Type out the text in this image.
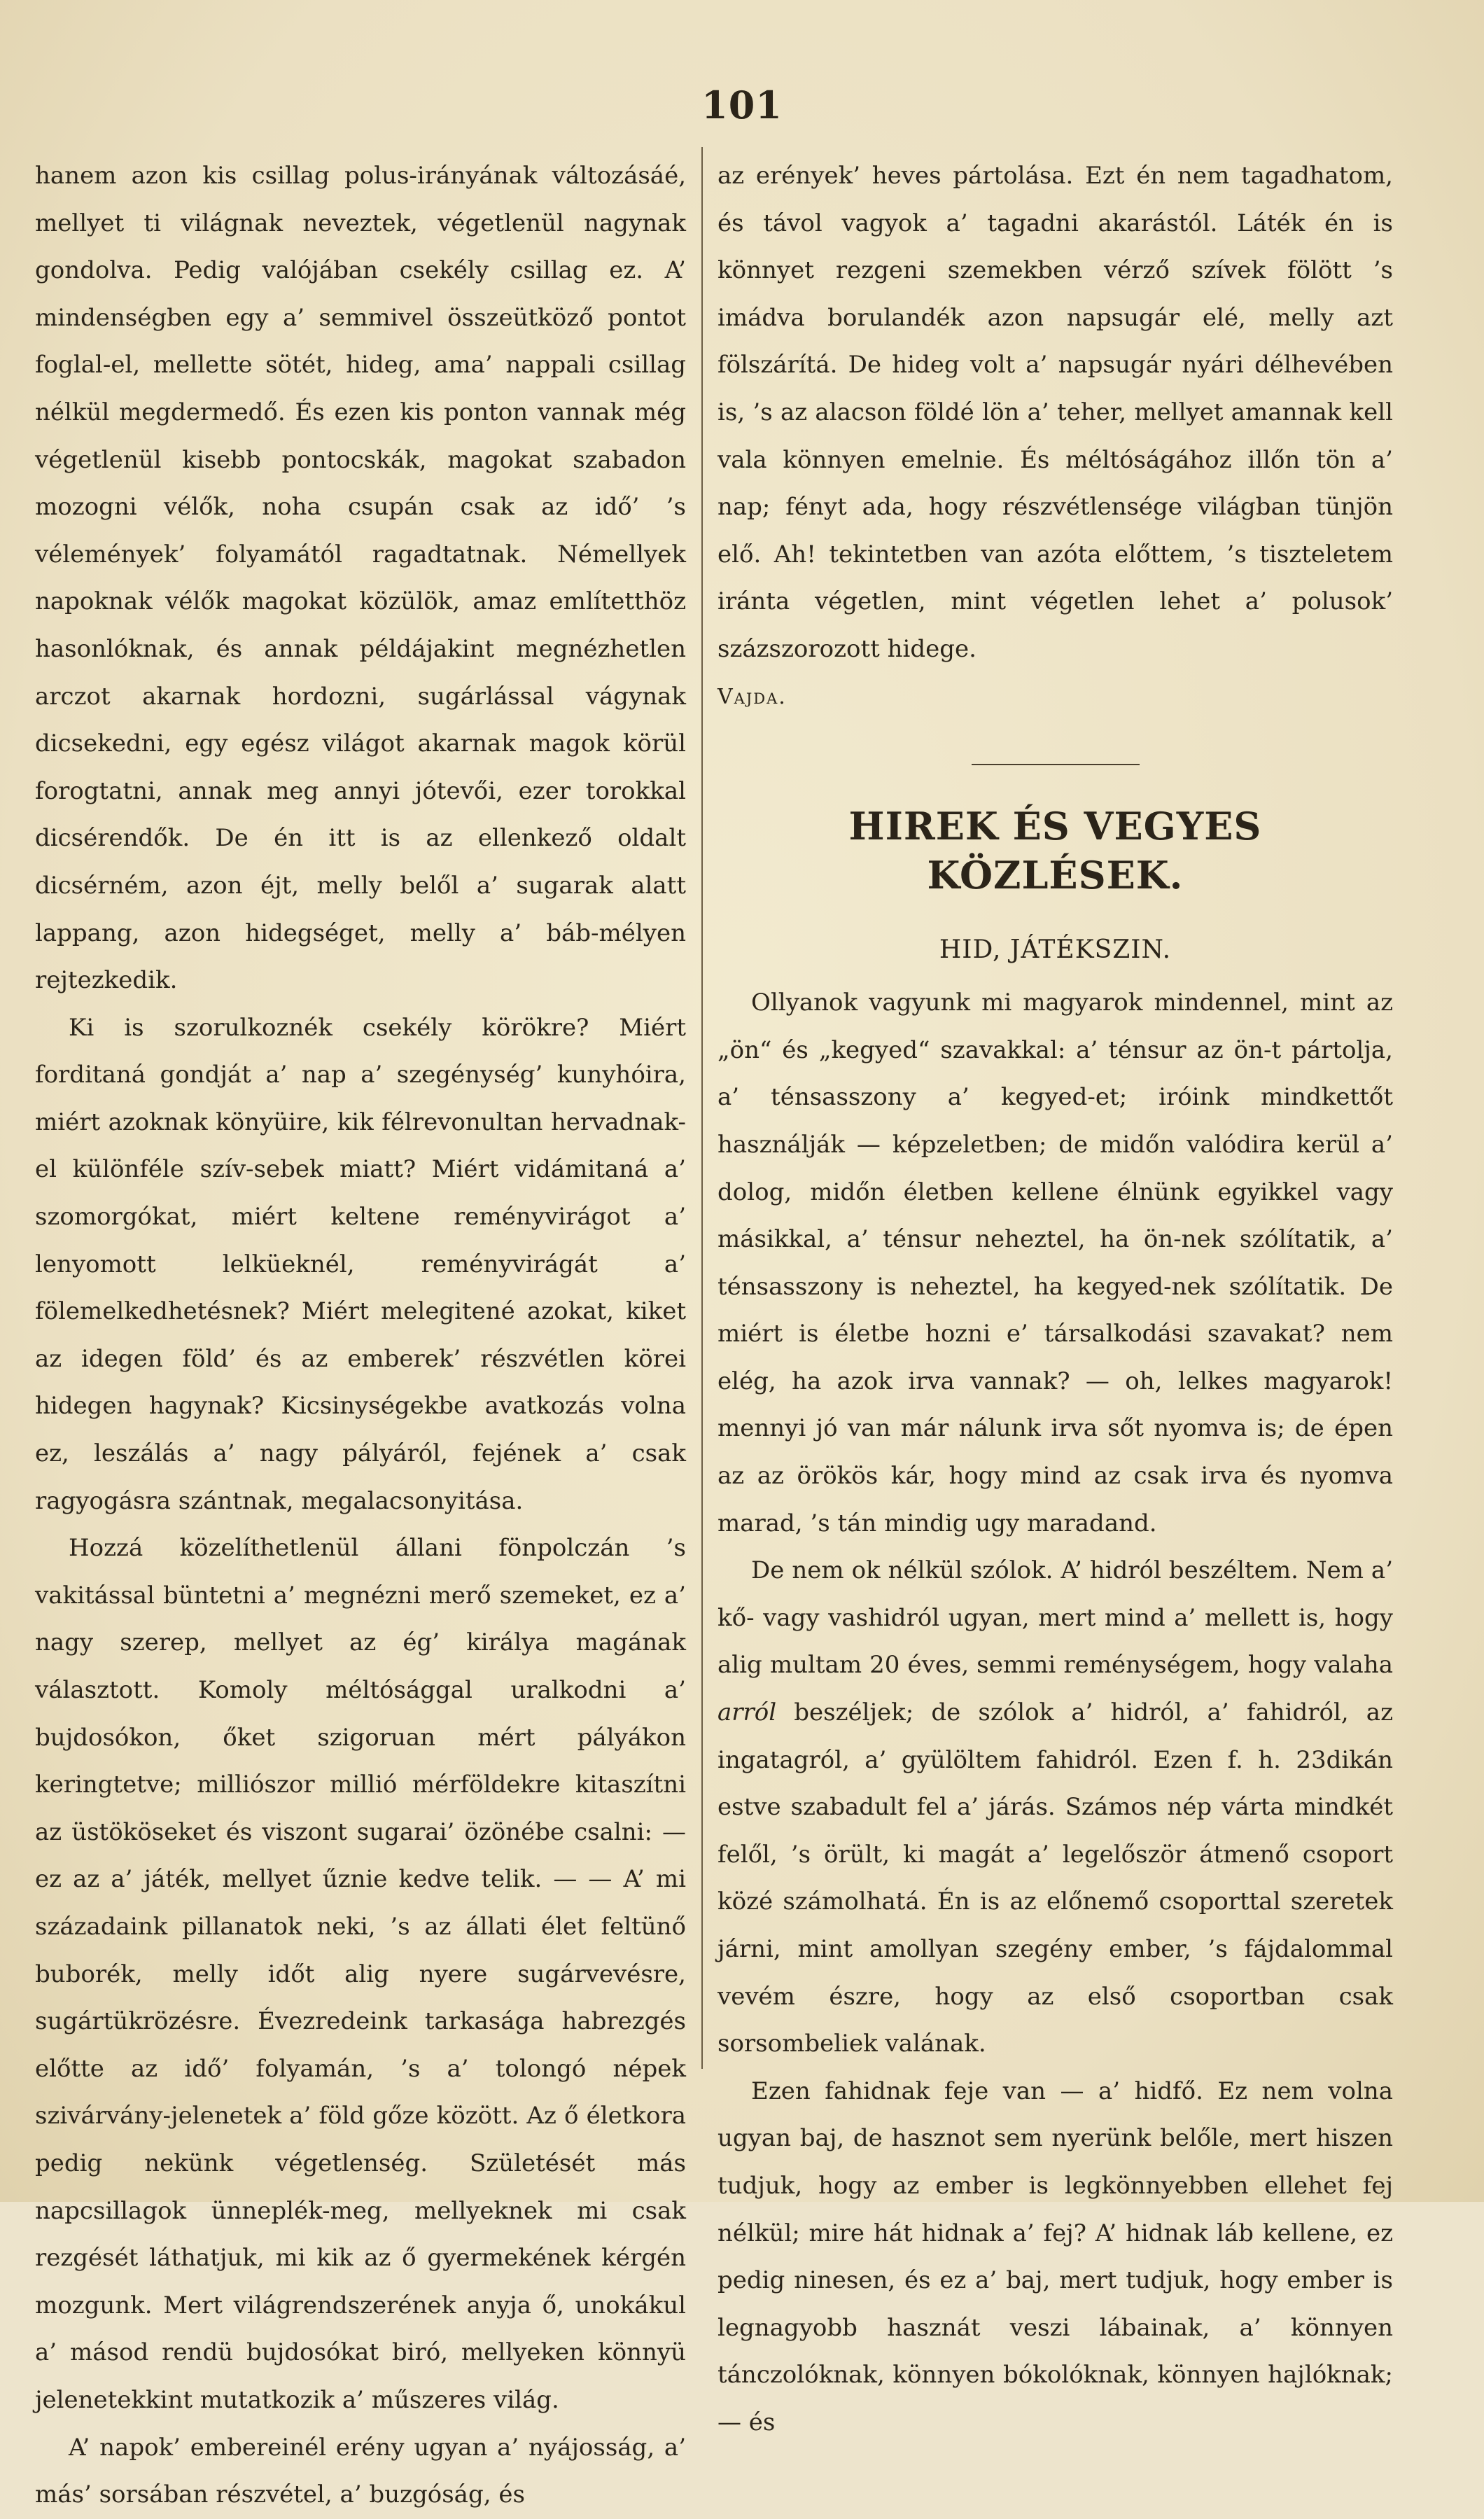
101

hanem azon kis csillag polus-irányának változásáé, mellyet ti világnak neveztek, végetlenül nagynak gondolva. Pedig valójában csekély csillag ez. A’ mindenségben egy a’ semmivel összeütköző pontot foglal-el, mellette sötét, hideg, ama’ nappali csillag nélkül megdermedő. És ezen kis ponton vannak még végetlenül kisebb pontocskák, magokat szabadon mozogni vélők, noha csupán csak az idő’ ’s vélemények’ folyamától ragadtatnak. Némellyek napoknak vélők magokat közülök, amaz említetthöz hasonlóknak, és annak példájakint megnézhetlen arczot akarnak hordozni, sugárlással vágynak dicsekedni, egy egész világot akarnak magok körül forogtatni, annak meg annyi jótevői, ezer torokkal dicsérendők. De én itt is az ellenkező oldalt dicsérném, azon éjt, melly belől a’ sugarak alatt lappang, azon hidegséget, melly a’ báb-mélyen rejtezkedik.

Ki is szorulkoznék csekély körökre? Miért forditaná gondját a’ nap a’ szegénység’ kunyhóira, miért azoknak könyüire, kik félrevonultan hervadnak-el különféle szív-sebek miatt? Miért vidámitaná a’ szomorgókat, miért keltene reményvirágot a’ lenyomott lelküeknél, reményvirágát a’ fölemelkedhetésnek? Miért melegitené azokat, kiket az idegen föld’ és az emberek’ részvétlen körei hidegen hagynak? Kicsinységekbe avatkozás volna ez, leszálás a’ nagy pályáról, fejének a’ csak ragyogásra szántnak, megalacsonyitása.

Hozzá közelíthetlenül állani fönpolczán ’s vakitással büntetni a’ megnézni merő szemeket, ez a’ nagy szerep, mellyet az ég’ királya magának választott. Komoly méltósággal uralkodni a’ bujdosókon, őket szigoruan mért pályákon keringtetve; milliószor millió mérföldekre kitaszítni az üstököseket és viszont sugarai’ özönébe csalni: — ez az a’ játék, mellyet űznie kedve telik. — — A’ mi századaink pillanatok neki, ’s az állati élet feltünő buborék, melly időt alig nyere sugárvevésre, sugártükrözésre. Évezredeink tarkasága habrezgés előtte az idő’ folyamán, ’s a’ tolongó népek szivárvány-jelenetek a’ föld gőze között. Az ő életkora pedig nekünk végetlenség. Születését más napcsillagok ünneplék-meg, mellyeknek mi csak rezgését láthatjuk, mi kik az ő gyermekének kérgén mozgunk. Mert világrendszerének anyja ő, unokákul a’ másod rendü bujdosókat biró, mellyeken könnyü jelenetekkint mutatkozik a’ műszeres világ.

A’ napok’ embereinél erény ugyan a’ nyájosság, a’ más’ sorsában részvétel, a’ buzgóság, és

az erények’ heves pártolása. Ezt én nem tagadhatom, és távol vagyok a’ tagadni akarástól. Láték én is könnyet rezgeni szemekben vérző szívek fölött ’s imádva borulandék azon napsugár elé, melly azt fölszárítá. De hideg volt a’ napsugár nyári délhevében is, ’s az alacson földé lön a’ teher, mellyet amannak kell vala könnyen emelnie. És méltóságához illőn tön a’ nap; fényt ada, hogy részvétlensége világban tünjön elő. Ah! tekintetben van azóta előttem, ’s tiszteletem iránta végetlen, mint végetlen lehet a’ polusok’ százszorozott hidege.

Vajda.

HIREK ÉS VEGYES KÖZLÉSEK.
HID, JÁTÉKSZIN.

Ollyanok vagyunk mi magyarok mindennel, mint az „ön“ és „kegyed“ szavakkal: a’ ténsur az ön-t pártolja, a’ ténsasszony a’ kegyed-et; iróink mindkettőt használják — képzeletben; de midőn valódira kerül a’ dolog, midőn életben kellene élnünk egyikkel vagy másikkal, a’ ténsur neheztel, ha ön-nek szólítatik, a’ ténsasszony is neheztel, ha kegyed-nek szólítatik. De miért is életbe hozni e’ társalkodási szavakat? nem elég, ha azok irva vannak? — oh, lelkes magyarok! mennyi jó van már nálunk irva sőt nyomva is; de épen az az örökös kár, hogy mind az csak irva és nyomva marad, ’s tán mindig ugy maradand.

De nem ok nélkül szólok. A’ hidról beszéltem. Nem a’ kő- vagy vashidról ugyan, mert mind a’ mellett is, hogy alig multam 20 éves, semmi reménységem, hogy valaha arról beszéljek; de szólok a’ hidról, a’ fahidról, az ingatagról, a’ gyülöltem fahidról. Ezen f. h. 23dikán estve szabadult fel a’ járás. Számos nép várta mindkét felől, ’s örült, ki magát a’ legelőször átmenő csoport közé számolhatá. Én is az előnemő csoporttal szeretek járni, mint amollyan szegény ember, ’s fájdalommal vevém észre, hogy az első csoportban csak sorsombeliek valának.

Ezen fahidnak feje van — a’ hidfő. Ez nem volna ugyan baj, de hasznot sem nyerünk belőle, mert hiszen tudjuk, hogy az ember is legkönnyebben ellehet fej nélkül; mire hát hidnak a’ fej? A’ hidnak láb kellene, ez pedig ninesen, és ez a’ baj, mert tudjuk, hogy ember is legnagyobb hasznát veszi lábainak, a’ könnyen tánczolóknak, könnyen bókolóknak, könnyen hajlóknak; — és
